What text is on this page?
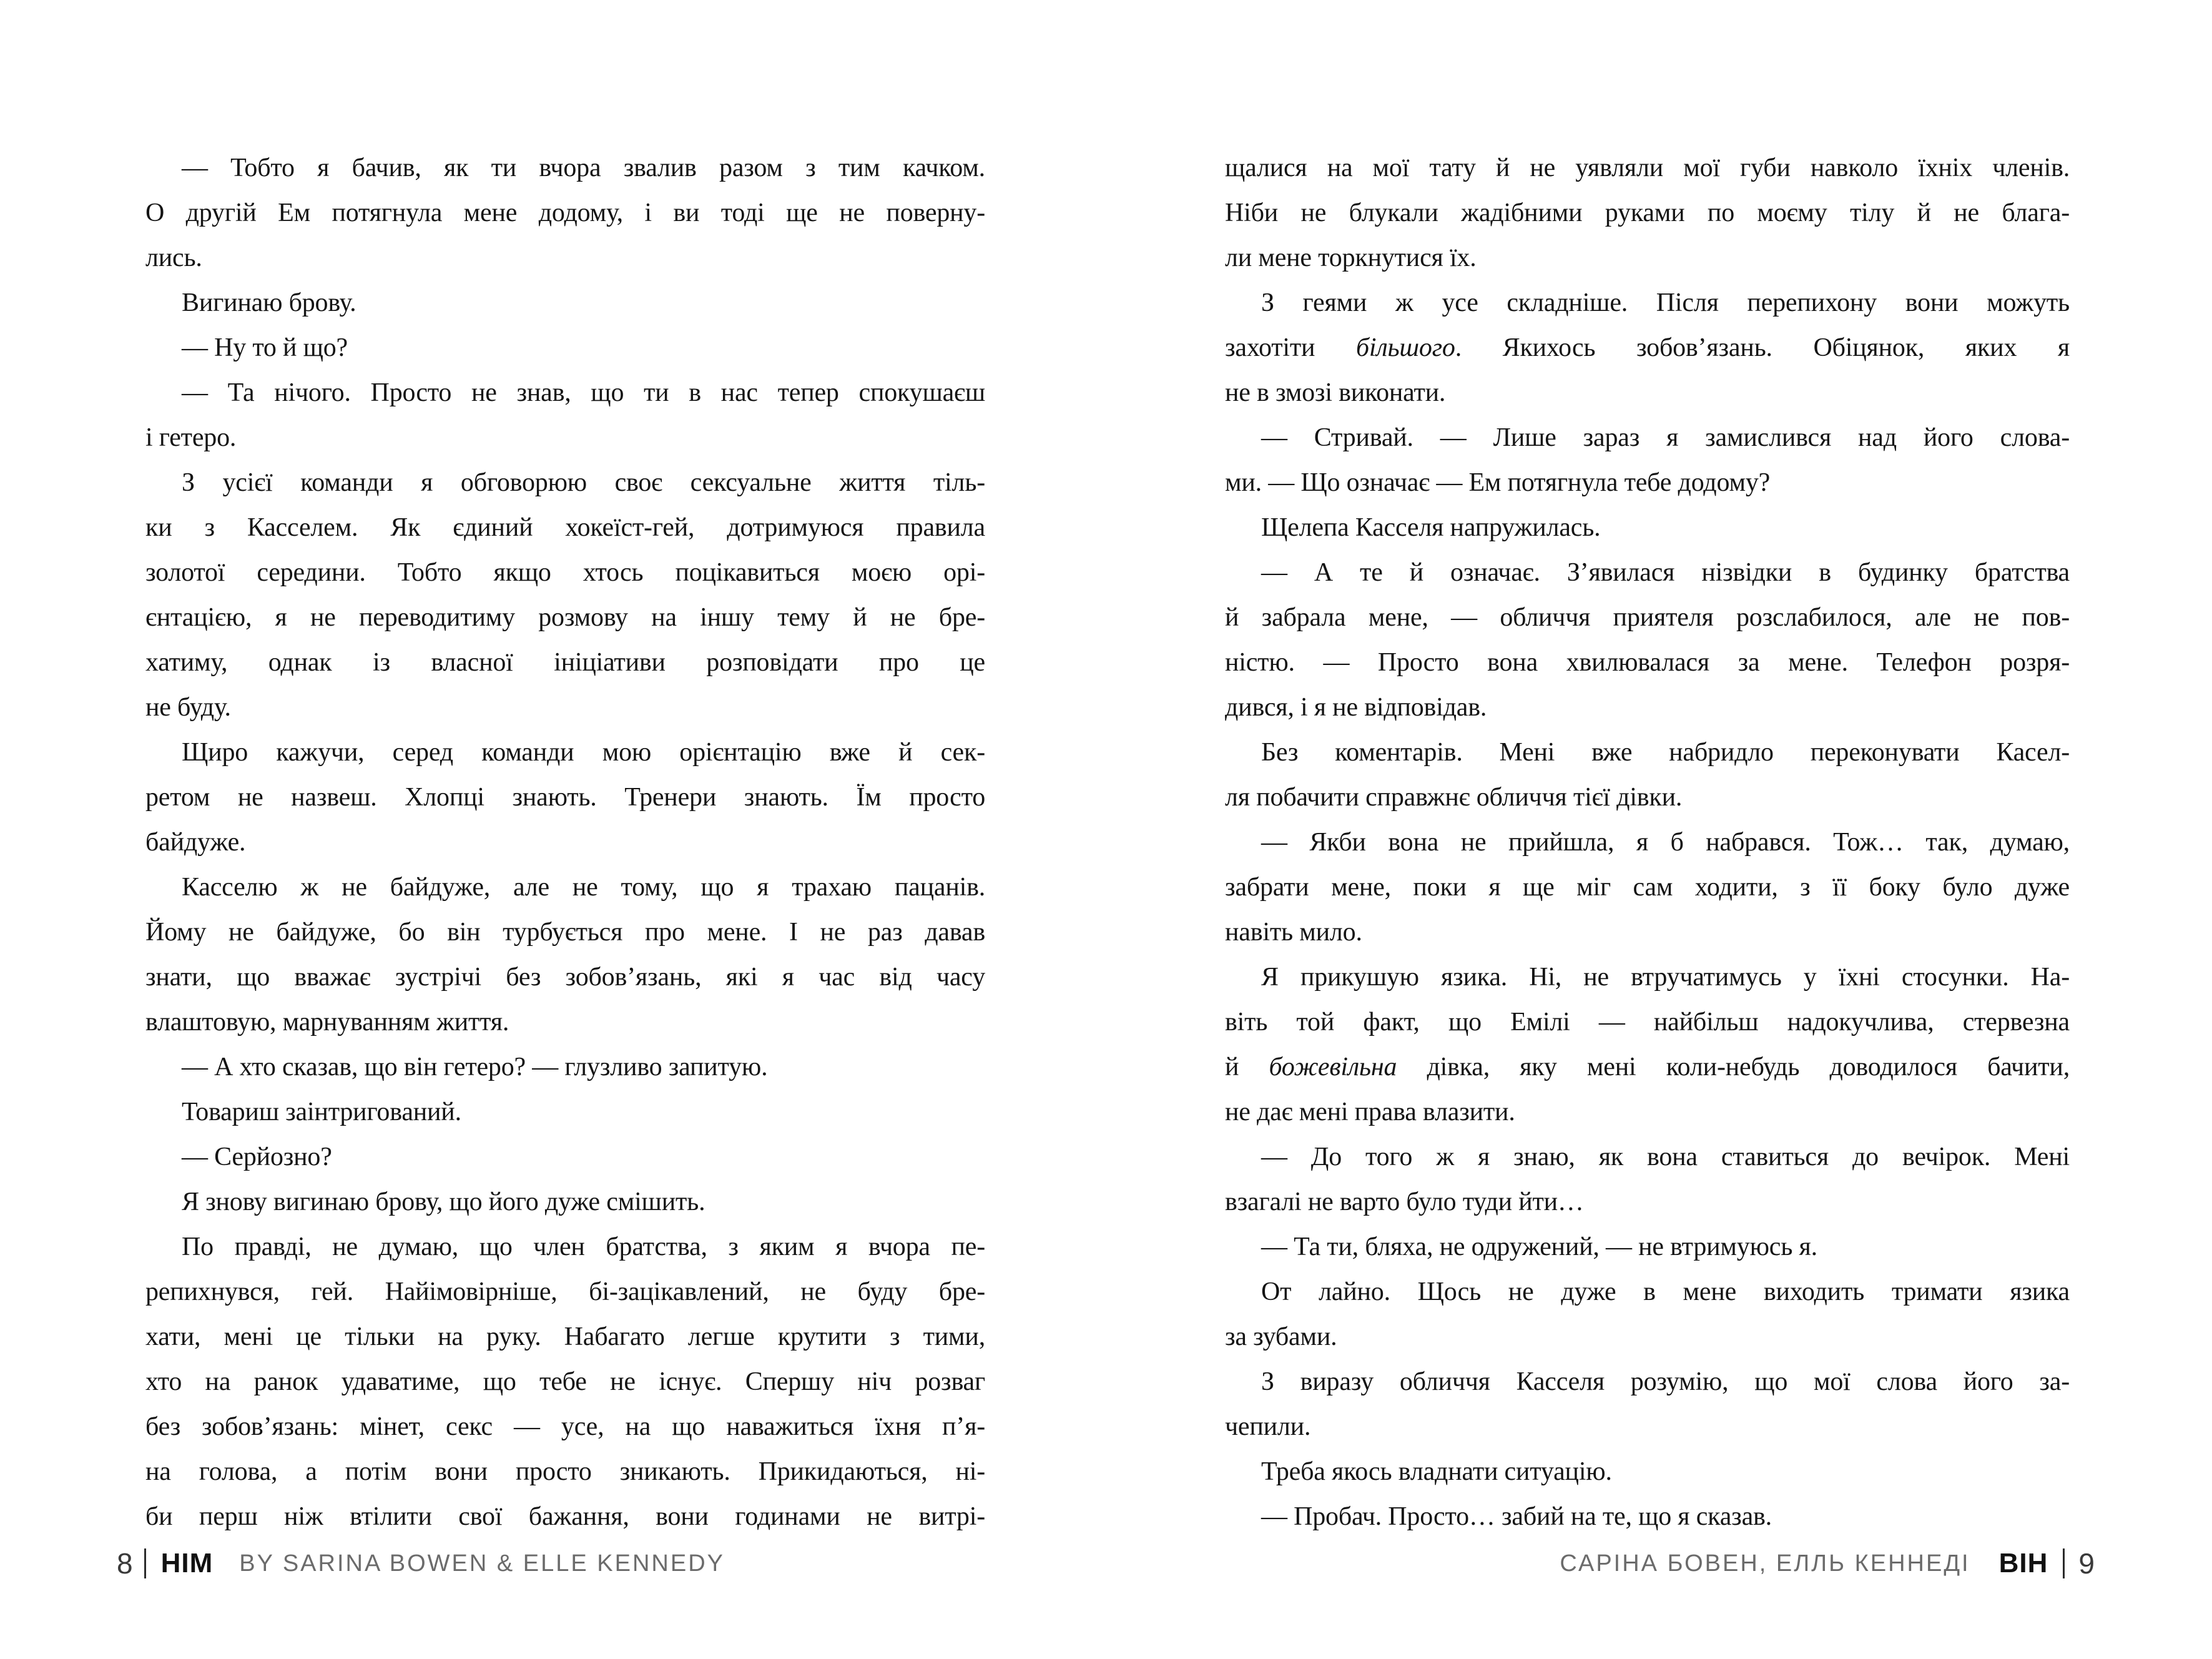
— Тобто я бачив, як ти вчора звалив разом з тим качком.
О другій Ем потягнула мене додому, і ви тоді ще не поверну-
лись.
Вигинаю брову.
— Ну то й що?
— Та нічого. Просто не знав, що ти в нас тепер спокушаєш
і гетеро.
З усієї команди я обговорюю своє сексуальне життя тіль-
ки з Касселем. Як єдиний хокеїст-гей, дотримуюся правила
золотої середини. Тобто якщо хтось поцікавиться моєю орі-
єнтацією, я не переводитиму розмову на іншу тему й не бре-
хатиму, однак із власної ініціативи розповідати про це
не буду.
Щиро кажучи, серед команди мою орієнтацію вже й сек-
ретом не назвеш. Хлопці знають. Тренери знають. Їм просто
байдуже.
Касселю ж не байдуже, але не тому, що я трахаю пацанів.
Йому не байдуже, бо він турбується про мене. І не раз давав
знати, що вважає зустрічі без зобов’язань, які я час від часу
влаштовую, марнуванням життя.
— А хто сказав, що він гетеро? — глузливо запитую.
Товариш заінтригований.
— Серйозно?
Я знову вигинаю брову, що його дуже смішить.
По правді, не думаю, що член братства, з яким я вчора пе-
репихнувся, гей. Найімовірніше, бі-зацікавлений, не буду бре-
хати, мені це тільки на руку. Набагато легше крутити з тими,
хто на ранок удаватиме, що тебе не існує. Спершу ніч розваг
без зобов’язань: мінет, секс — усе, на що наважиться їхня п’я-
на голова, а потім вони просто зникають. Прикидаються, ні-
би перш ніж втілити свої бажання, вони годинами не витрі-
щалися на мої тату й не уявляли мої губи навколо їхніх членів.
Ніби не блукали жадібними руками по моєму тілу й не блага-
ли мене торкнутися їх.
З геями ж усе складніше. Після перепихону вони можуть
захотіти більшого. Якихось зобов’язань. Обіцянок, яких я
не в змозі виконати.
— Стривай. — Лише зараз я замислився над його слова-
ми. — Що означає — Ем потягнула тебе додому?
Щелепа Касселя напружилась.
— А те й означає. З’явилася нізвідки в будинку братства
й забрала мене, — обличчя приятеля розслабилося, але не пов-
ністю. — Просто вона хвилювалася за мене. Телефон розря-
дився, і я не відповідав.
Без коментарів. Мені вже набридло переконувати Касел-
ля побачити справжнє обличчя тієї дівки.
— Якби вона не прийшла, я б набрався. Тож… так, думаю,
забрати мене, поки я ще міг сам ходити, з її боку було дуже
навіть мило.
Я прикушую язика. Ні, не втручатимусь у їхні стосунки. На-
віть той факт, що Емілі — найбільш надокучлива, стервезна
й божевільна дівка, яку мені коли-небудь доводилося бачити,
не дає мені права влазити.
— До того ж я знаю, як вона ставиться до вечірок. Мені
взагалі не варто було туди йти…
— Та ти, бляха, не одружений, — не втримуюсь я.
От лайно. Щось не дуже в мене виходить тримати язика
за зубами.
З виразу обличчя Касселя розумію, що мої слова його за-
чепили.
Треба якось владнати ситуацію.
— Пробач. Просто… забий на те, що я сказав.
8 HIM BY SARINA BOWEN & ELLE KENNEDY	САРІНА БОВЕН, ЕЛЛЬ КЕННЕДІ ВІН 9
